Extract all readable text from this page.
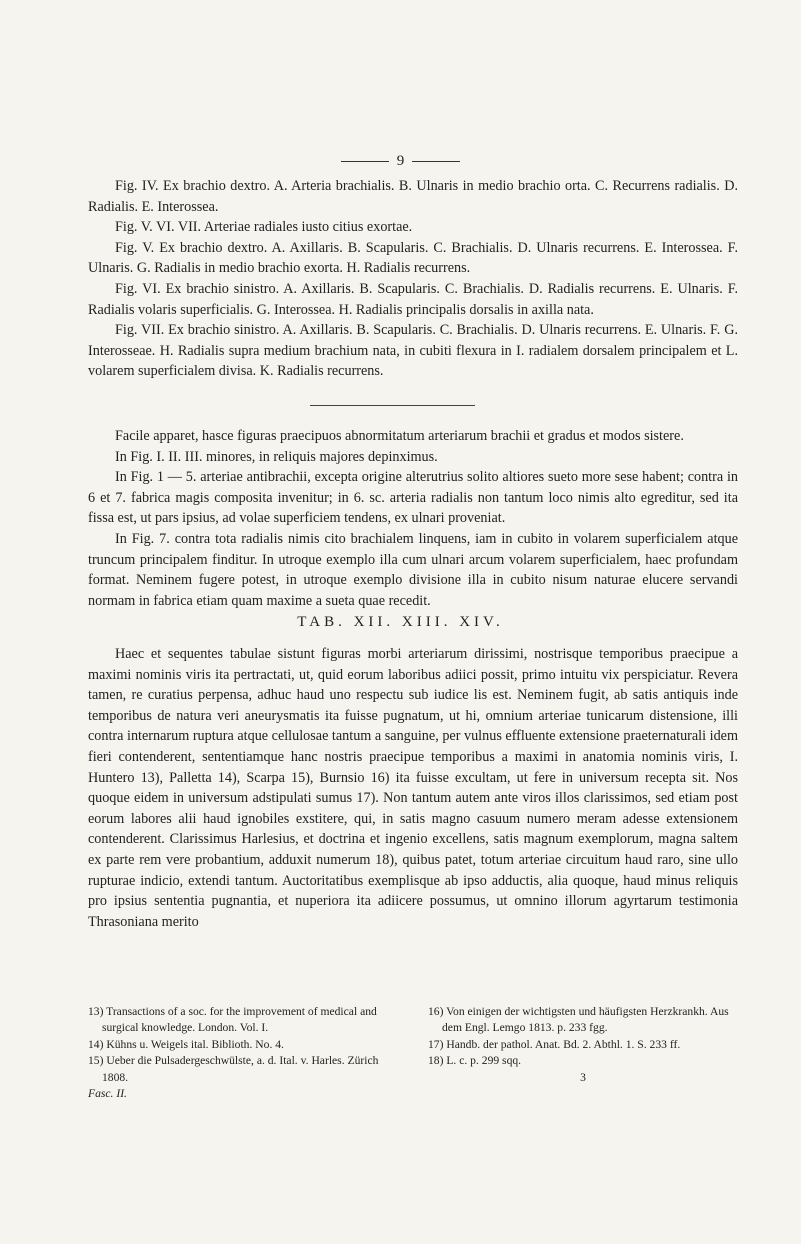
9

Fig. IV. Ex brachio dextro. A. Arteria brachialis. B. Ulnaris in medio brachio orta. C. Recurrens radialis. D. Radialis. E. Interossea.

Fig. V. VI. VII. Arteriae radiales iusto citius exortae.

Fig. V. Ex brachio dextro. A. Axillaris. B. Scapularis. C. Brachialis. D. Ulnaris recurrens. E. Interossea. F. Ulnaris. G. Radialis in medio brachio exorta. H. Radialis recurrens.

Fig. VI. Ex brachio sinistro. A. Axillaris. B. Scapularis. C. Brachialis. D. Radialis recurrens. E. Ulnaris. F. Radialis volaris superficialis. G. Interossea. H. Radialis principalis dorsalis in axilla nata.

Fig. VII. Ex brachio sinistro. A. Axillaris. B. Scapularis. C. Brachialis. D. Ulnaris recurrens. E. Ulnaris. F. G. Interosseae. H. Radialis supra medium brachium nata, in cubiti flexura in I. radialem dorsalem principalem et L. volarem superficialem divisa. K. Radialis recurrens.

Facile apparet, hasce figuras praecipuos abnormitatum arteriarum brachii et gradus et modos sistere.

In Fig. I. II. III. minores, in reliquis majores depinximus.

In Fig. 1 — 5. arteriae antibrachii, excepta origine alterutrius solito altiores sueto more sese habent; contra in 6 et 7. fabrica magis composita invenitur; in 6. sc. arteria radialis non tantum loco nimis alto egreditur, sed ita fissa est, ut pars ipsius, ad volae superficiem tendens, ex ulnari proveniat.

In Fig. 7. contra tota radialis nimis cito brachialem linquens, iam in cubito in volarem superficialem atque truncum principalem finditur. In utroque exemplo illa cum ulnari arcum volarem superficialem, haec profundam format. Neminem fugere potest, in utroque exemplo divisione illa in cubito nisum naturae elucere servandi normam in fabrica etiam quam maxime a sueta quae recedit.

TAB. XII. XIII. XIV.

Haec et sequentes tabulae sistunt figuras morbi arteriarum dirissimi, nostrisque temporibus praecipue a maximi nominis viris ita pertractati, ut, quid eorum laboribus adiici possit, primo intuitu vix perspiciatur. Revera tamen, re curatius perpensa, adhuc haud uno respectu sub iudice lis est. Neminem fugit, ab satis antiquis inde temporibus de natura veri aneurysmatis ita fuisse pugnatum, ut hi, omnium arteriae tunicarum distensione, illi contra internarum ruptura atque cellulosae tantum a sanguine, per vulnus effluente extensione praeternaturali idem fieri contenderent, sententiamque hanc nostris praecipue temporibus a maximi in anatomia nominis viris, I. Huntero 13), Palletta 14), Scarpa 15), Burnsio 16) ita fuisse excultam, ut fere in universum recepta sit. Nos quoque eidem in universum adstipulati sumus 17). Non tantum autem ante viros illos clarissimos, sed etiam post eorum labores alii haud ignobiles exstitere, qui, in satis magno casuum numero meram adesse extensionem contenderent. Clarissimus Harlesius, et doctrina et ingenio excellens, satis magnum exemplorum, magna saltem ex parte rem vere probantium, adduxit numerum 18), quibus patet, totum arteriae circuitum haud raro, sine ullo rupturae indicio, extendi tantum. Auctoritatibus exemplisque ab ipso adductis, alia quoque, haud minus reliquis pro ipsius sententia pugnantia, et nuperiora ita adiicere possumus, ut omnino illorum agyrtarum testimonia Thrasoniana merito

13) Transactions of a soc. for the improvement of medical and surgical knowledge. London. Vol. I.
14) Kühns u. Weigels ital. Biblioth. No. 4.
15) Ueber die Pulsadergeschwülste, a. d. Ital. v. Harles. Zürich 1808.
Fasc. II.
16) Von einigen der wichtigsten und häufigsten Herzkrankh. Aus dem Engl. Lemgo 1813. p. 233 fgg.
17) Handb. der pathol. Anat. Bd. 2. Abthl. 1. S. 233 ff.
18) L. c. p. 299 sqq.
3
